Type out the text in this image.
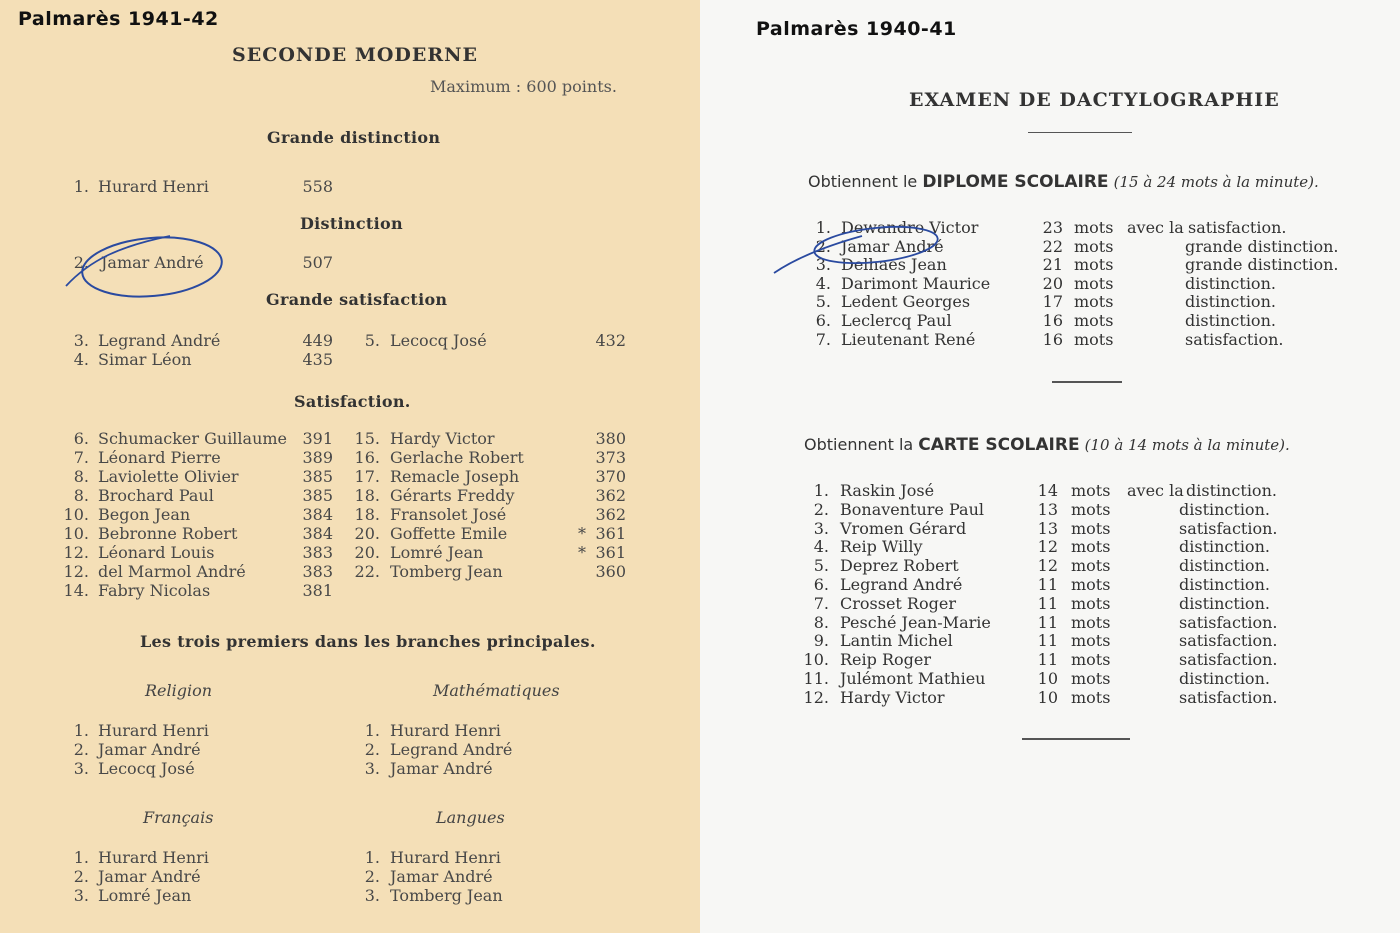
Palmarès 1941-42
SECONDE MODERNE
Maximum : 600 points.
Grande distinction
1. Hurard Henri	558
Distinction
2. Jamar André	507
Grande satisfaction
3. Legrand André	449
4. Simar Léon	435
5. Lecocq José	432
Satisfaction.
6. Schumacker Guillaume 391
7. Léonard Pierre	389
8. Laviolette Olivier	385
8. Brochard Paul	385
10. Begon Jean	384
10. Bebronne Robert	384
12. Léonard Louis	383
12. del Marmol André	383
14. Fabry Nicolas	381
15. Hardy Victor	380
16. Gerlache Robert	373
17. Remacle Joseph	370
18. Gérarts Freddy	362
18. Fransolet José	362
20. Goffette Emile	* 361
20. Lomré Jean	* 361
22. Tomberg Jean	360
Les trois premiers dans les branches principales.
Religion
1. Hurard Henri
2. Jamar André
3. Lecocq José
Mathématiques
1. Hurard Henri
2. Legrand André
3. Jamar André
Français
1. Hurard Henri
2. Jamar André
3. Lomré Jean
Langues
1. Hurard Henri
2. Jamar André
3. Tomberg Jean
Palmarès 1940-41
EXAMEN DE DACTYLOGRAPHIE
Obtiennent le DIPLOME SCOLAIRE (15 à 24 mots à la minute).
1. Dewandre Victor	23 mots avec la satisfaction.
2. Jamar André	22 mots	grande distinction.
3. Delhaes Jean	21 mots	grande distinction.
4. Darimont Maurice	20 mots	distinction.
5. Ledent Georges	17 mots	distinction.
6. Leclercq Paul	16 mots	distinction.
7. Lieutenant René	16 mots	satisfaction.
Obtiennent la CARTE SCOLAIRE (10 à 14 mots à la minute).
1. Raskin José	14 mots avec la distinction.
2. Bonaventure Paul	13 mots	distinction.
3. Vromen Gérard	13 mots	satisfaction.
4. Reip Willy	12 mots	distinction.
5. Deprez Robert	12 mots	distinction.
6. Legrand André	11 mots	distinction.
7. Crosset Roger	11 mots	distinction.
8. Pesché Jean-Marie	11 mots	satisfaction.
9. Lantin Michel	11 mots	satisfaction.
10. Reip Roger	11 mots	satisfaction.
11. Julémont Mathieu	10 mots	distinction.
12. Hardy Victor	10 mots	satisfaction.
